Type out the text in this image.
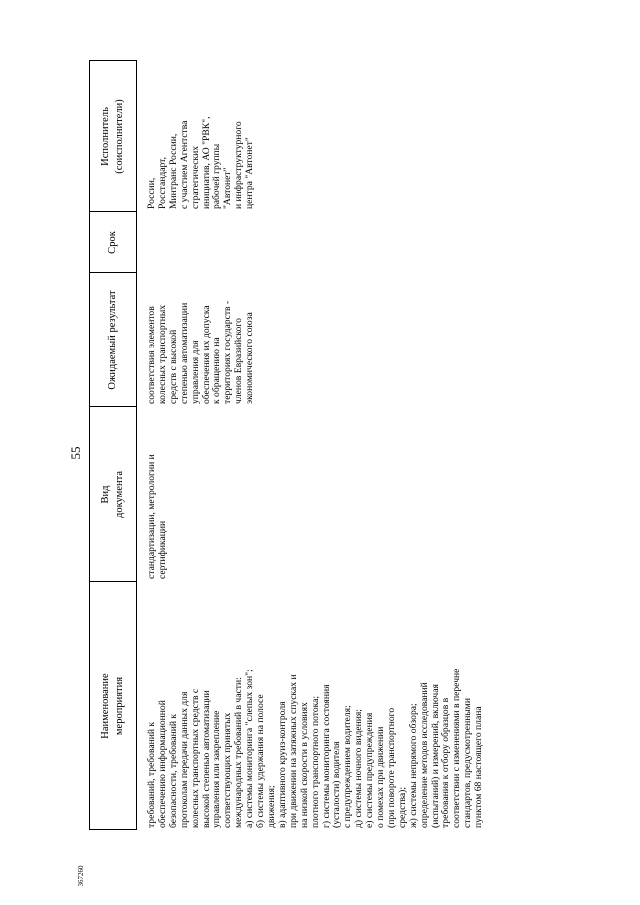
55
367260
Наименование мероприятия
Вид документа
Ожидаемый результат
Срок
Исполнитель (соисполнители)
требований, требований к обеспечению информационной безопасности, требований к протоколам передачи данных для колесных транспортных средств с высокой степенью автоматизации управления или закрепление соответствующих принятых международных требований в части: а) системы мониторинга "слепых зон"; б) системы удержания на полосе движения; в) адаптивного круиз-контроля при движении на затяжных спусках и на низкой скорости в условиях плотного транспортного потока; г) системы мониторинга состояния (усталости) водителя с предупреждением водителя; д) системы ночного видения; е) системы предупреждения о помехах при движении (при повороте транспортного средства); ж) системы непрямого обзора; определение методов исследований (испытаний) и измерений, включая требования к отбору образцов в соответствии с изменениями в перечне стандартов, предусмотренными пунктом 68 настоящего плана
стандартизации, метрологии и сертификации
соответствия элементов колесных транспортных средств с высокой степенью автоматизации управления для обеспечения их допуска к обращению на территориях государств - членов Евразийского экономического союза
России, Росстандарт, Минтранс России, с участием Агентства стратегических инициатив, АО "РВК", рабочей группы "Автонет" и инфраструктурного центра "Автонет"
